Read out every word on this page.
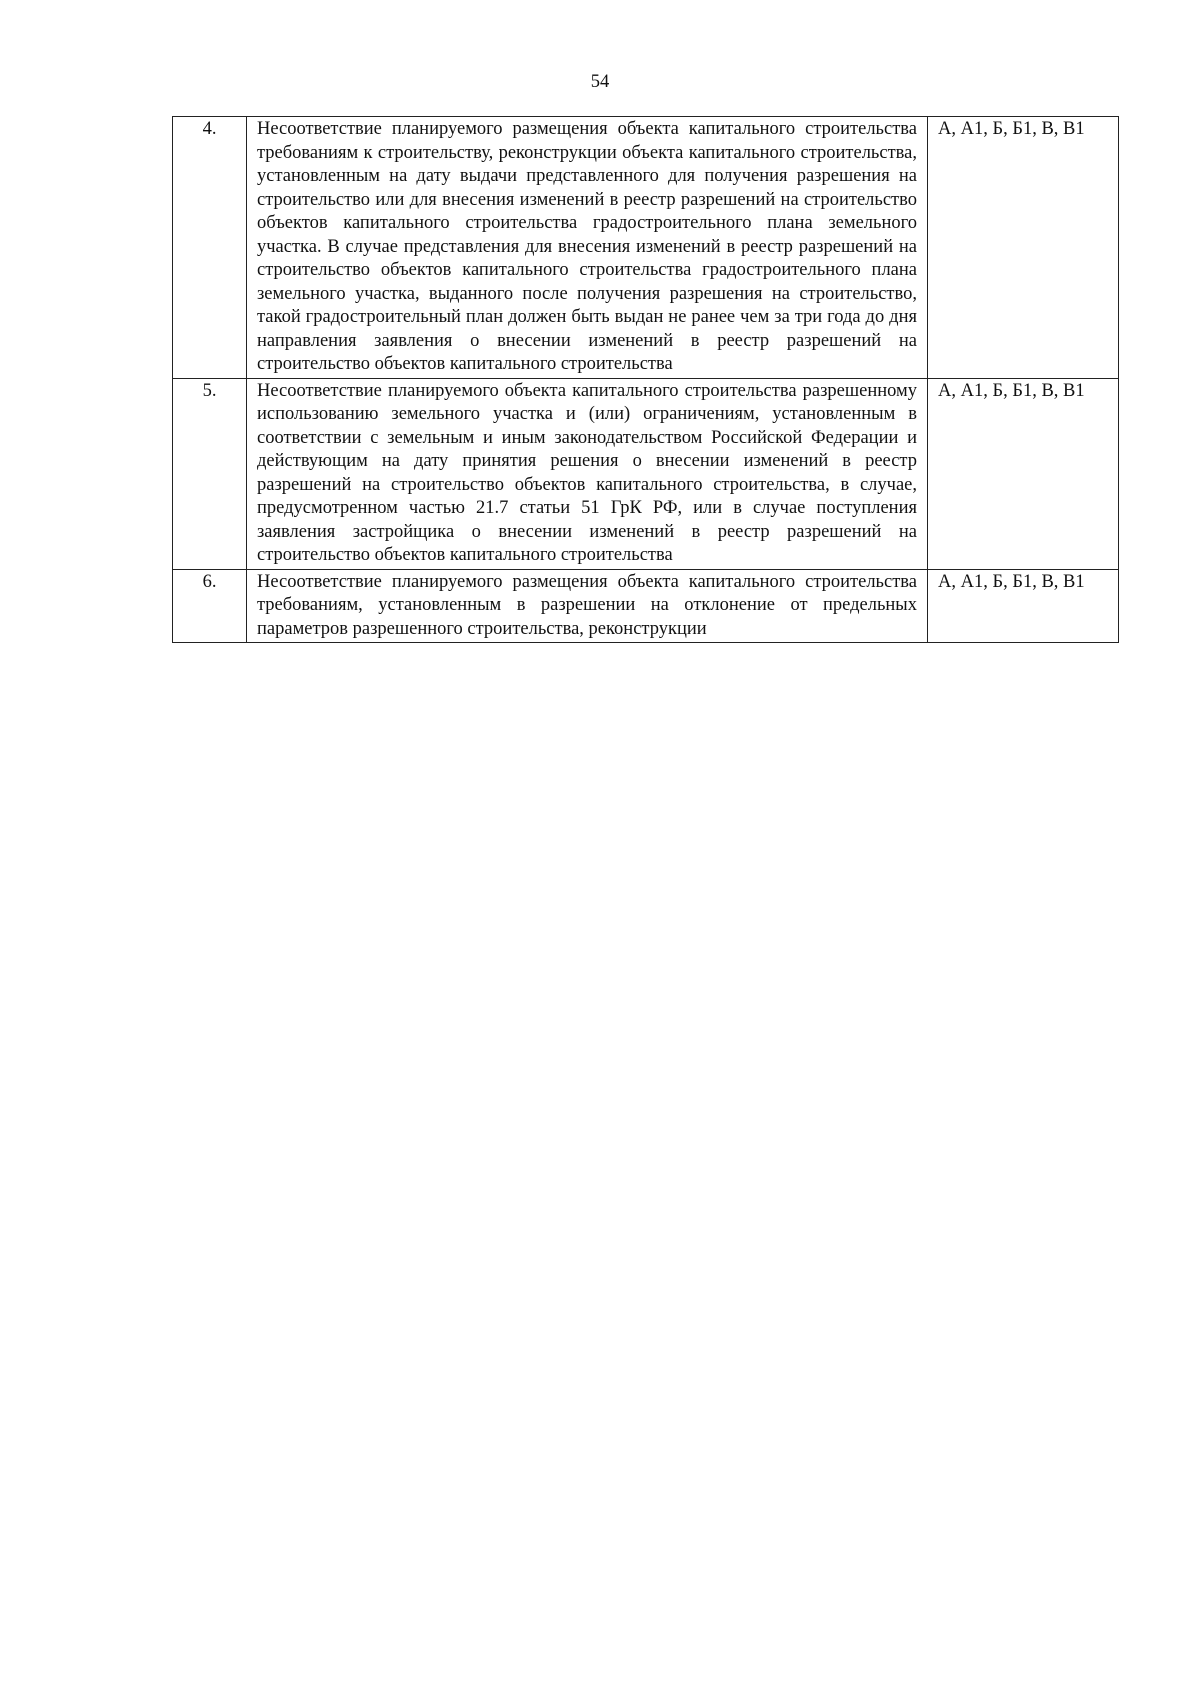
54
4.	Несоответствие планируемого размещения объекта капитального строительства требованиям к строительству, реконструкции объекта капитального строительства, установленным на дату выдачи представленного для получения разрешения на строительство или для внесения изменений в реестр разрешений на строительство объектов капитального строительства градостроительного плана земельного участка. В случае представления для внесения изменений в реестр разрешений на строительство объектов капитального строительства градостроительного плана земельного участка, выданного после получения разрешения на строительство, такой градостроительный план должен быть выдан не ранее чем за три года до дня направления заявления о внесении изменений в реестр разрешений на строительство объектов капитального строительства	А, А1, Б, Б1, В, В1
5.	Несоответствие планируемого объекта капитального строительства разрешенному использованию земельного участка и (или) ограничениям, установленным в соответствии с земельным и иным законодательством Российской Федерации и действующим на дату принятия решения о внесении изменений в реестр разрешений на строительство объектов капитального строительства, в случае, предусмотренном частью 21.7 статьи 51 ГрК РФ, или в случае поступления заявления застройщика о внесении изменений в реестр разрешений на строительство объектов капитального строительства	А, А1, Б, Б1, В, В1
6.	Несоответствие планируемого размещения объекта капитального строительства требованиям, установленным в разрешении на отклонение от предельных параметров разрешенного строительства, реконструкции	А, А1, Б, Б1, В, В1
